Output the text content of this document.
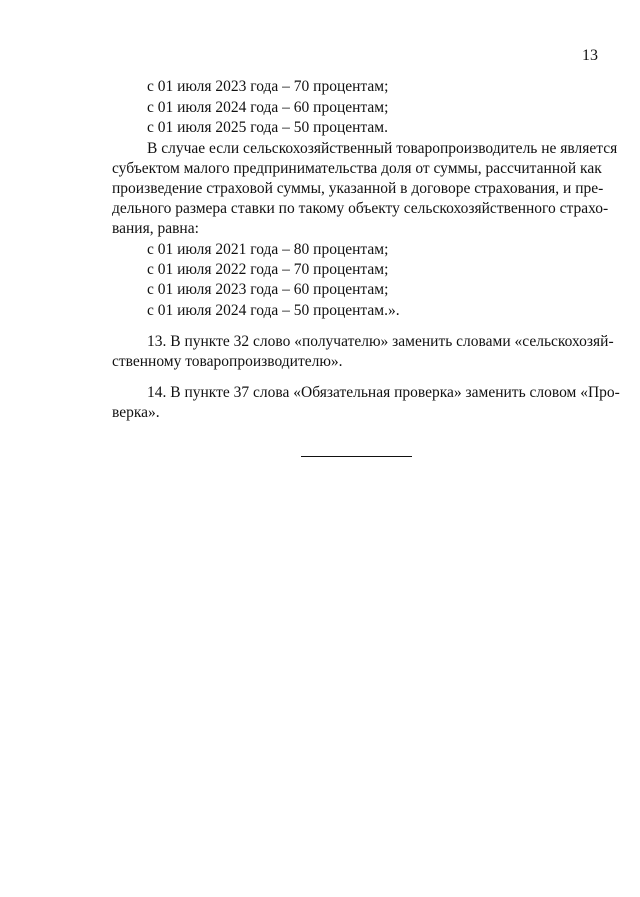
13
с 01 июля 2023 года – 70 процентам;
с 01 июля 2024 года – 60 процентам;
с 01 июля 2025 года – 50 процентам.
В случае если сельскохозяйственный товаропроизводитель не является
субъектом малого предпринимательства доля от суммы, рассчитанной как
произведение страховой суммы, указанной в договоре страхования, и пре-
дельного размера ставки по такому объекту сельскохозяйственного страхо-
вания, равна:
с 01 июля 2021 года – 80 процентам;
с 01 июля 2022 года – 70 процентам;
с 01 июля 2023 года – 60 процентам;
с 01 июля 2024 года – 50 процентам.».
13. В пункте 32 слово «получателю» заменить словами «сельскохозяй-
ственному товаропроизводителю».
14. В пункте 37 слова «Обязательная проверка» заменить словом «Про-
верка».
